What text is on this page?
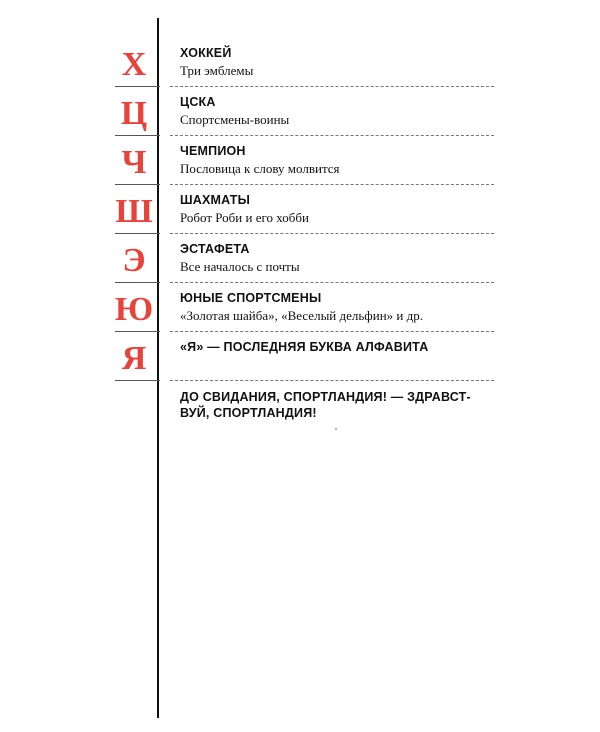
Х
Ц
Ч
Ш
Э
Ю
Я
ХОККЕЙ
Три эмблемы
ЦСКА
Спортсмены-воины
ЧЕМПИОН
Пословица к слову молвится
ШАХМАТЫ
Робот Роби и его хобби
ЭСТАФЕТА
Все началось с почты
ЮНЫЕ СПОРТСМЕНЫ
«Золотая шайба», «Веселый дельфин» и др.
«Я» — ПОСЛЕДНЯЯ БУКВА АЛФАВИТА
ДО СВИДАНИЯ, СПОРТЛАНДИЯ! — ЗДРАВСТ-
ВУЙ, СПОРТЛАНДИЯ!
